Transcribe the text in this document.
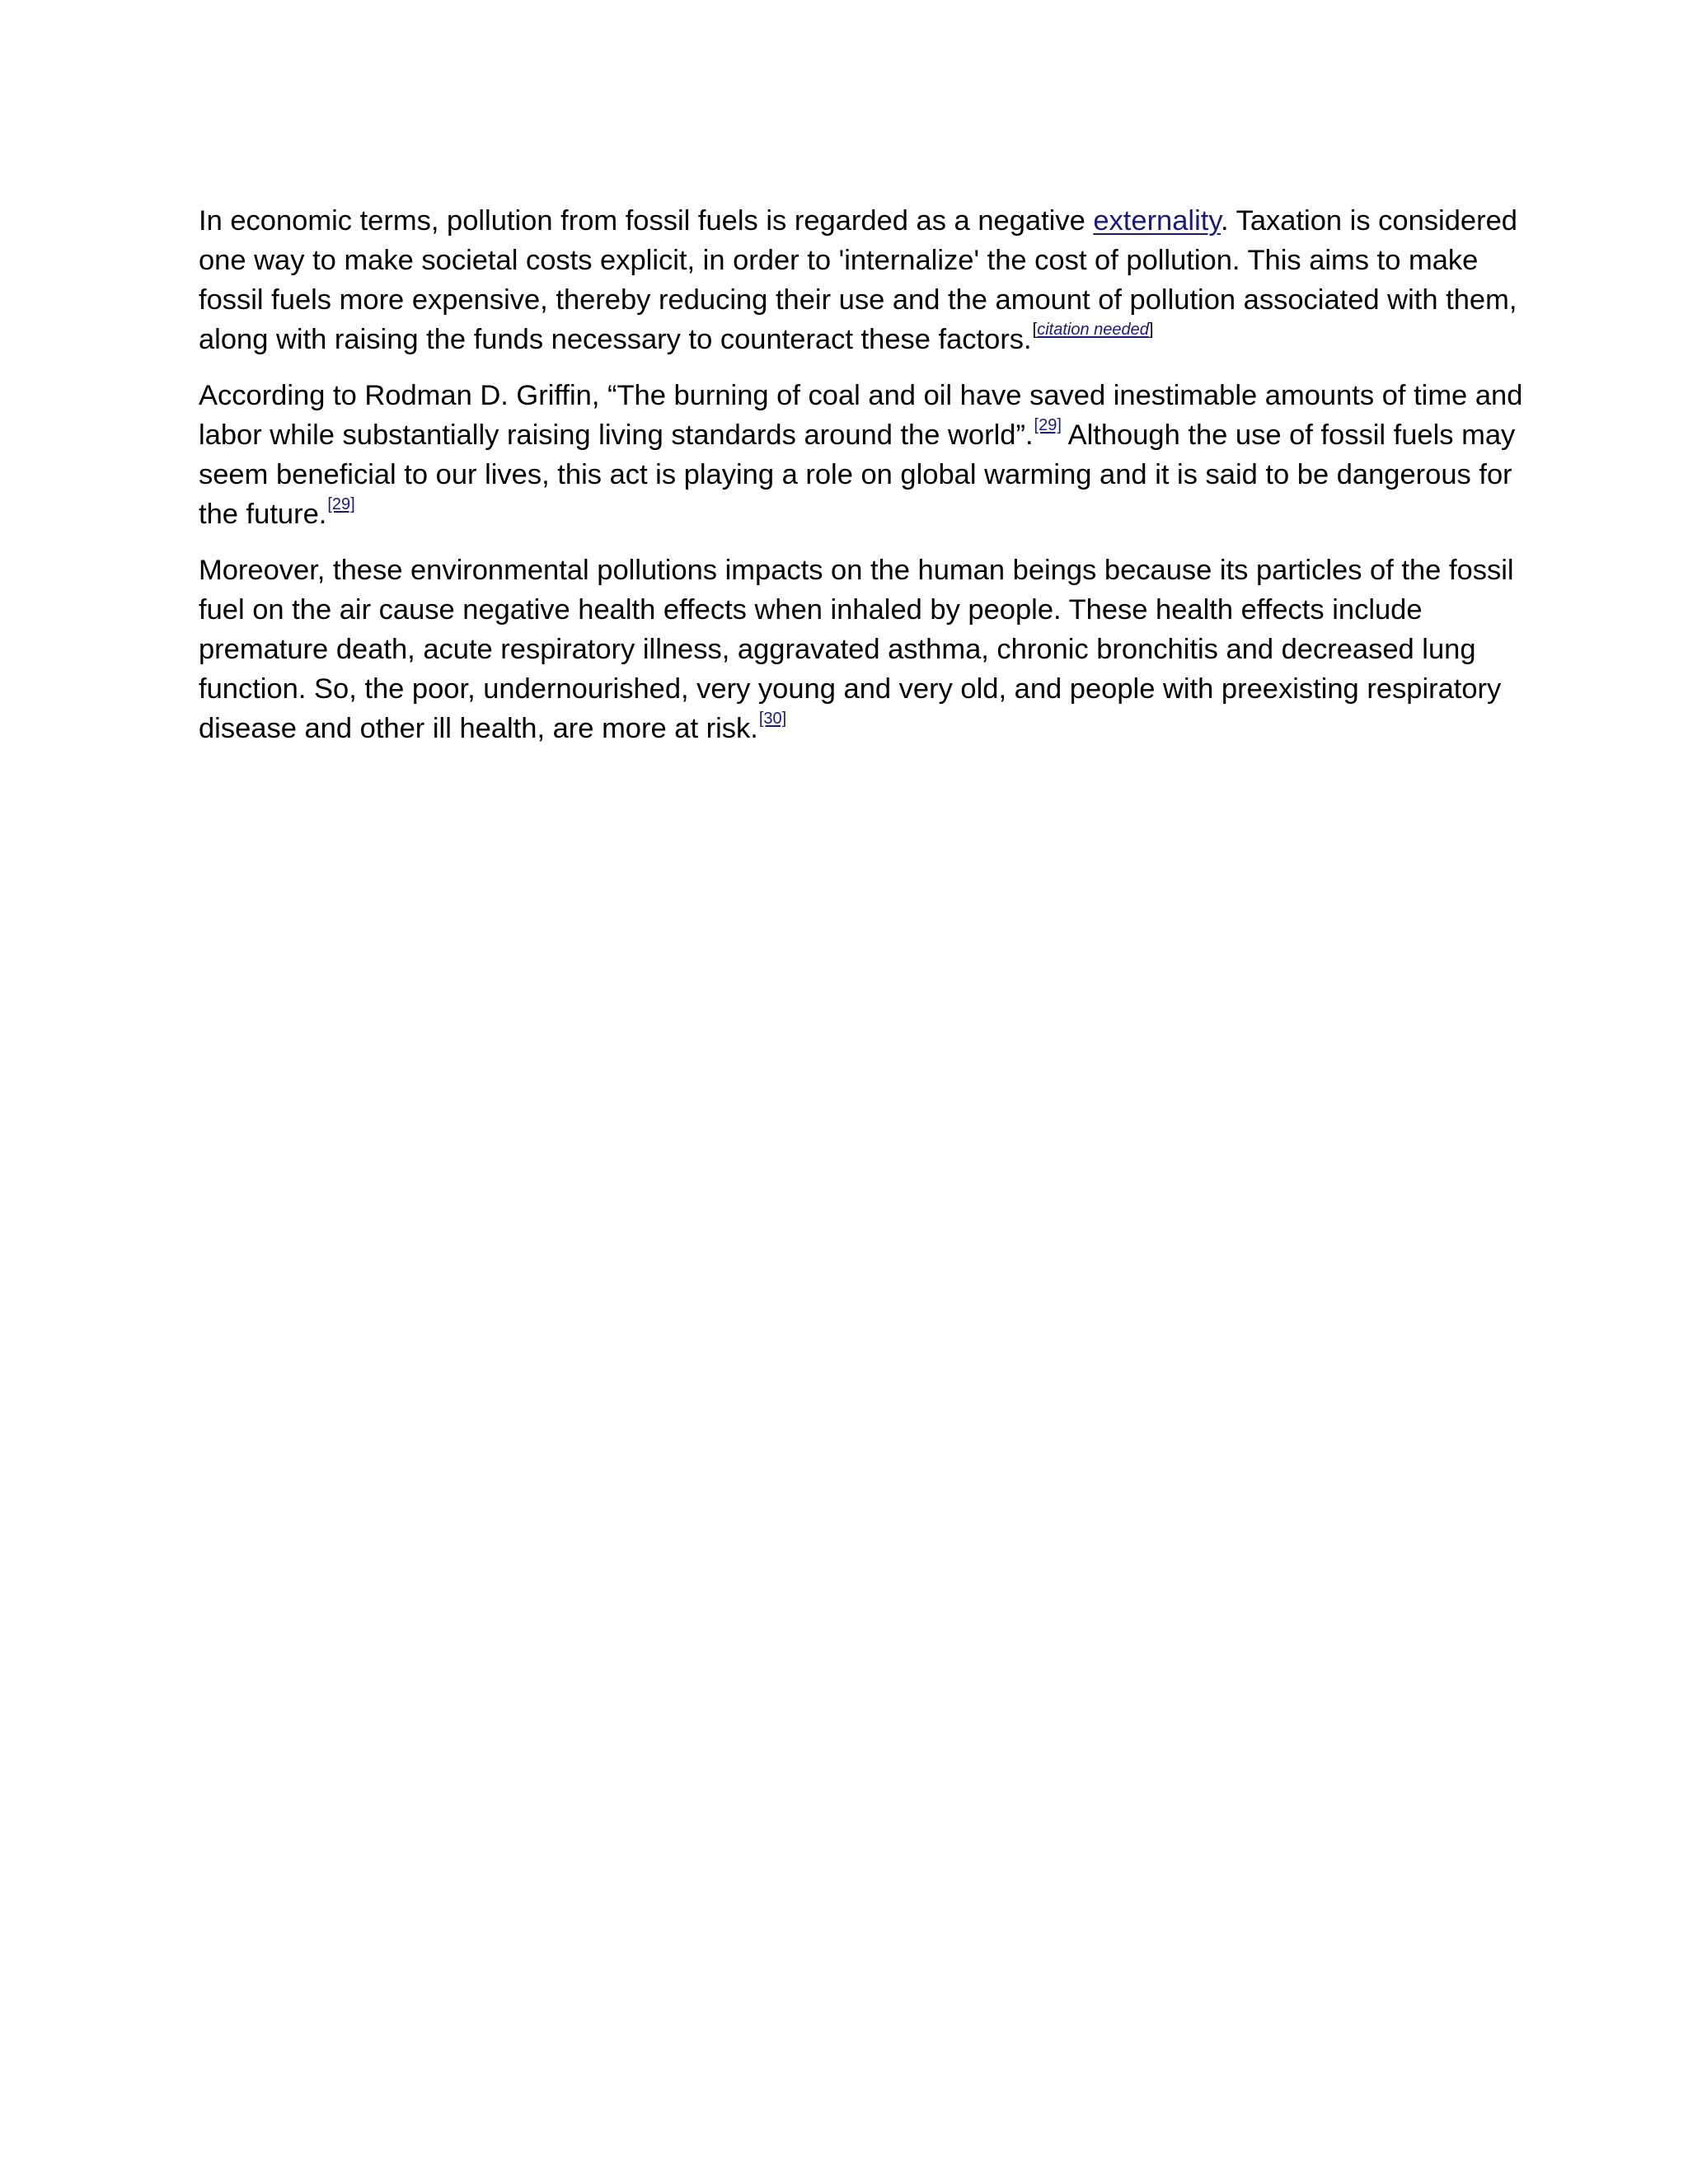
In economic terms, pollution from fossil fuels is regarded as a negative externality. Taxation is considered
one way to make societal costs explicit, in order to 'internalize' the cost of pollution. This aims to make
fossil fuels more expensive, thereby reducing their use and the amount of pollution associated with them,
along with raising the funds necessary to counteract these factors.[citation needed]

According to Rodman D. Griffin, “The burning of coal and oil have saved inestimable amounts of time and
labor while substantially raising living standards around the world”.[29] Although the use of fossil fuels may
seem beneficial to our lives, this act is playing a role on global warming and it is said to be dangerous for
the future.[29]

Moreover, these environmental pollutions impacts on the human beings because its particles of the fossil
fuel on the air cause negative health effects when inhaled by people. These health effects include
premature death, acute respiratory illness, aggravated asthma, chronic bronchitis and decreased lung
function. So, the poor, undernourished, very young and very old, and people with preexisting respiratory
disease and other ill health, are more at risk.[30]
